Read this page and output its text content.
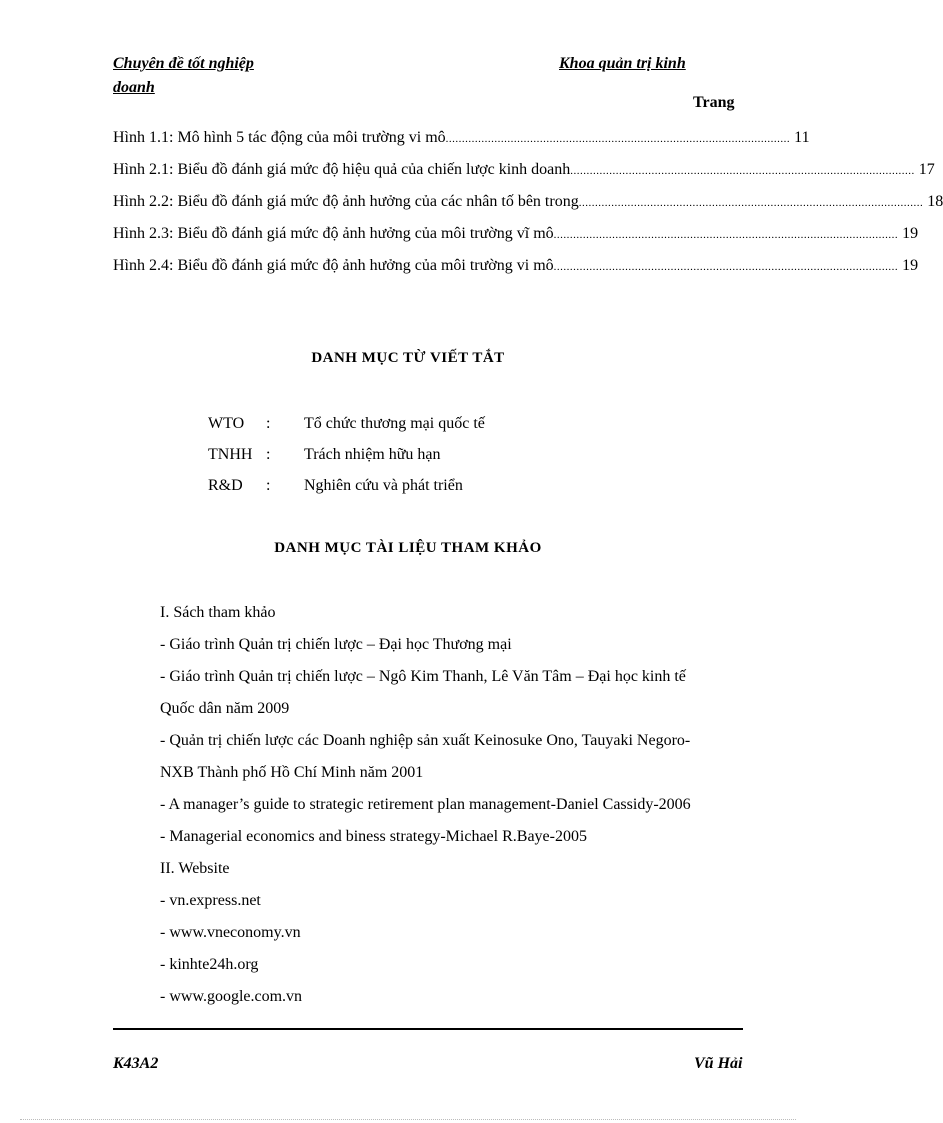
Chuyên đề tốt nghiệp
doanh
Khoa quản trị kinh
Trang
Hình 1.1: Mô hình 5 tác động của môi trường vi mô .......................................................................................................... 11
Hình 2.1: Biểu đồ đánh giá mức độ hiệu quả của chiến lược kinh doanh .......................................................................................................... 17
Hình 2.2: Biểu đồ đánh giá mức độ ảnh hưởng của các nhân tố bên trong .......................................................................................................... 18
Hình 2.3: Biểu đồ đánh giá mức độ ảnh hưởng của môi trường vĩ mô .......................................................................................................... 19
Hình 2.4: Biểu đồ đánh giá mức độ ảnh hưởng của môi trường vi mô .......................................................................................................... 19
DANH MỤC TỪ VIẾT TẮT
WTO	:	Tổ chức thương mại quốc tế
TNHH :	Trách nhiệm hữu hạn
R&D	:	Nghiên cứu và phát triển
DANH MỤC TÀI LIỆU THAM KHẢO
I. Sách tham khảo
- Giáo trình Quản trị chiến lược – Đại học Thương mại
- Giáo trình Quản trị chiến lược – Ngô Kim Thanh, Lê Văn Tâm – Đại học kinh tế
Quốc dân năm 2009
- Quản trị chiến lược các Doanh nghiệp sản xuất Keinosuke Ono, Tauyaki Negoro-
NXB Thành phố Hồ Chí Minh năm 2001
- A manager’s guide to strategic retirement plan management-Daniel Cassidy-2006
- Managerial economics and biness strategy-Michael R.Baye-2005
II. Website
- vn.express.net
- www.vneconomy.vn
- kinhte24h.org
- www.google.com.vn
K43A2	Vũ Hải
